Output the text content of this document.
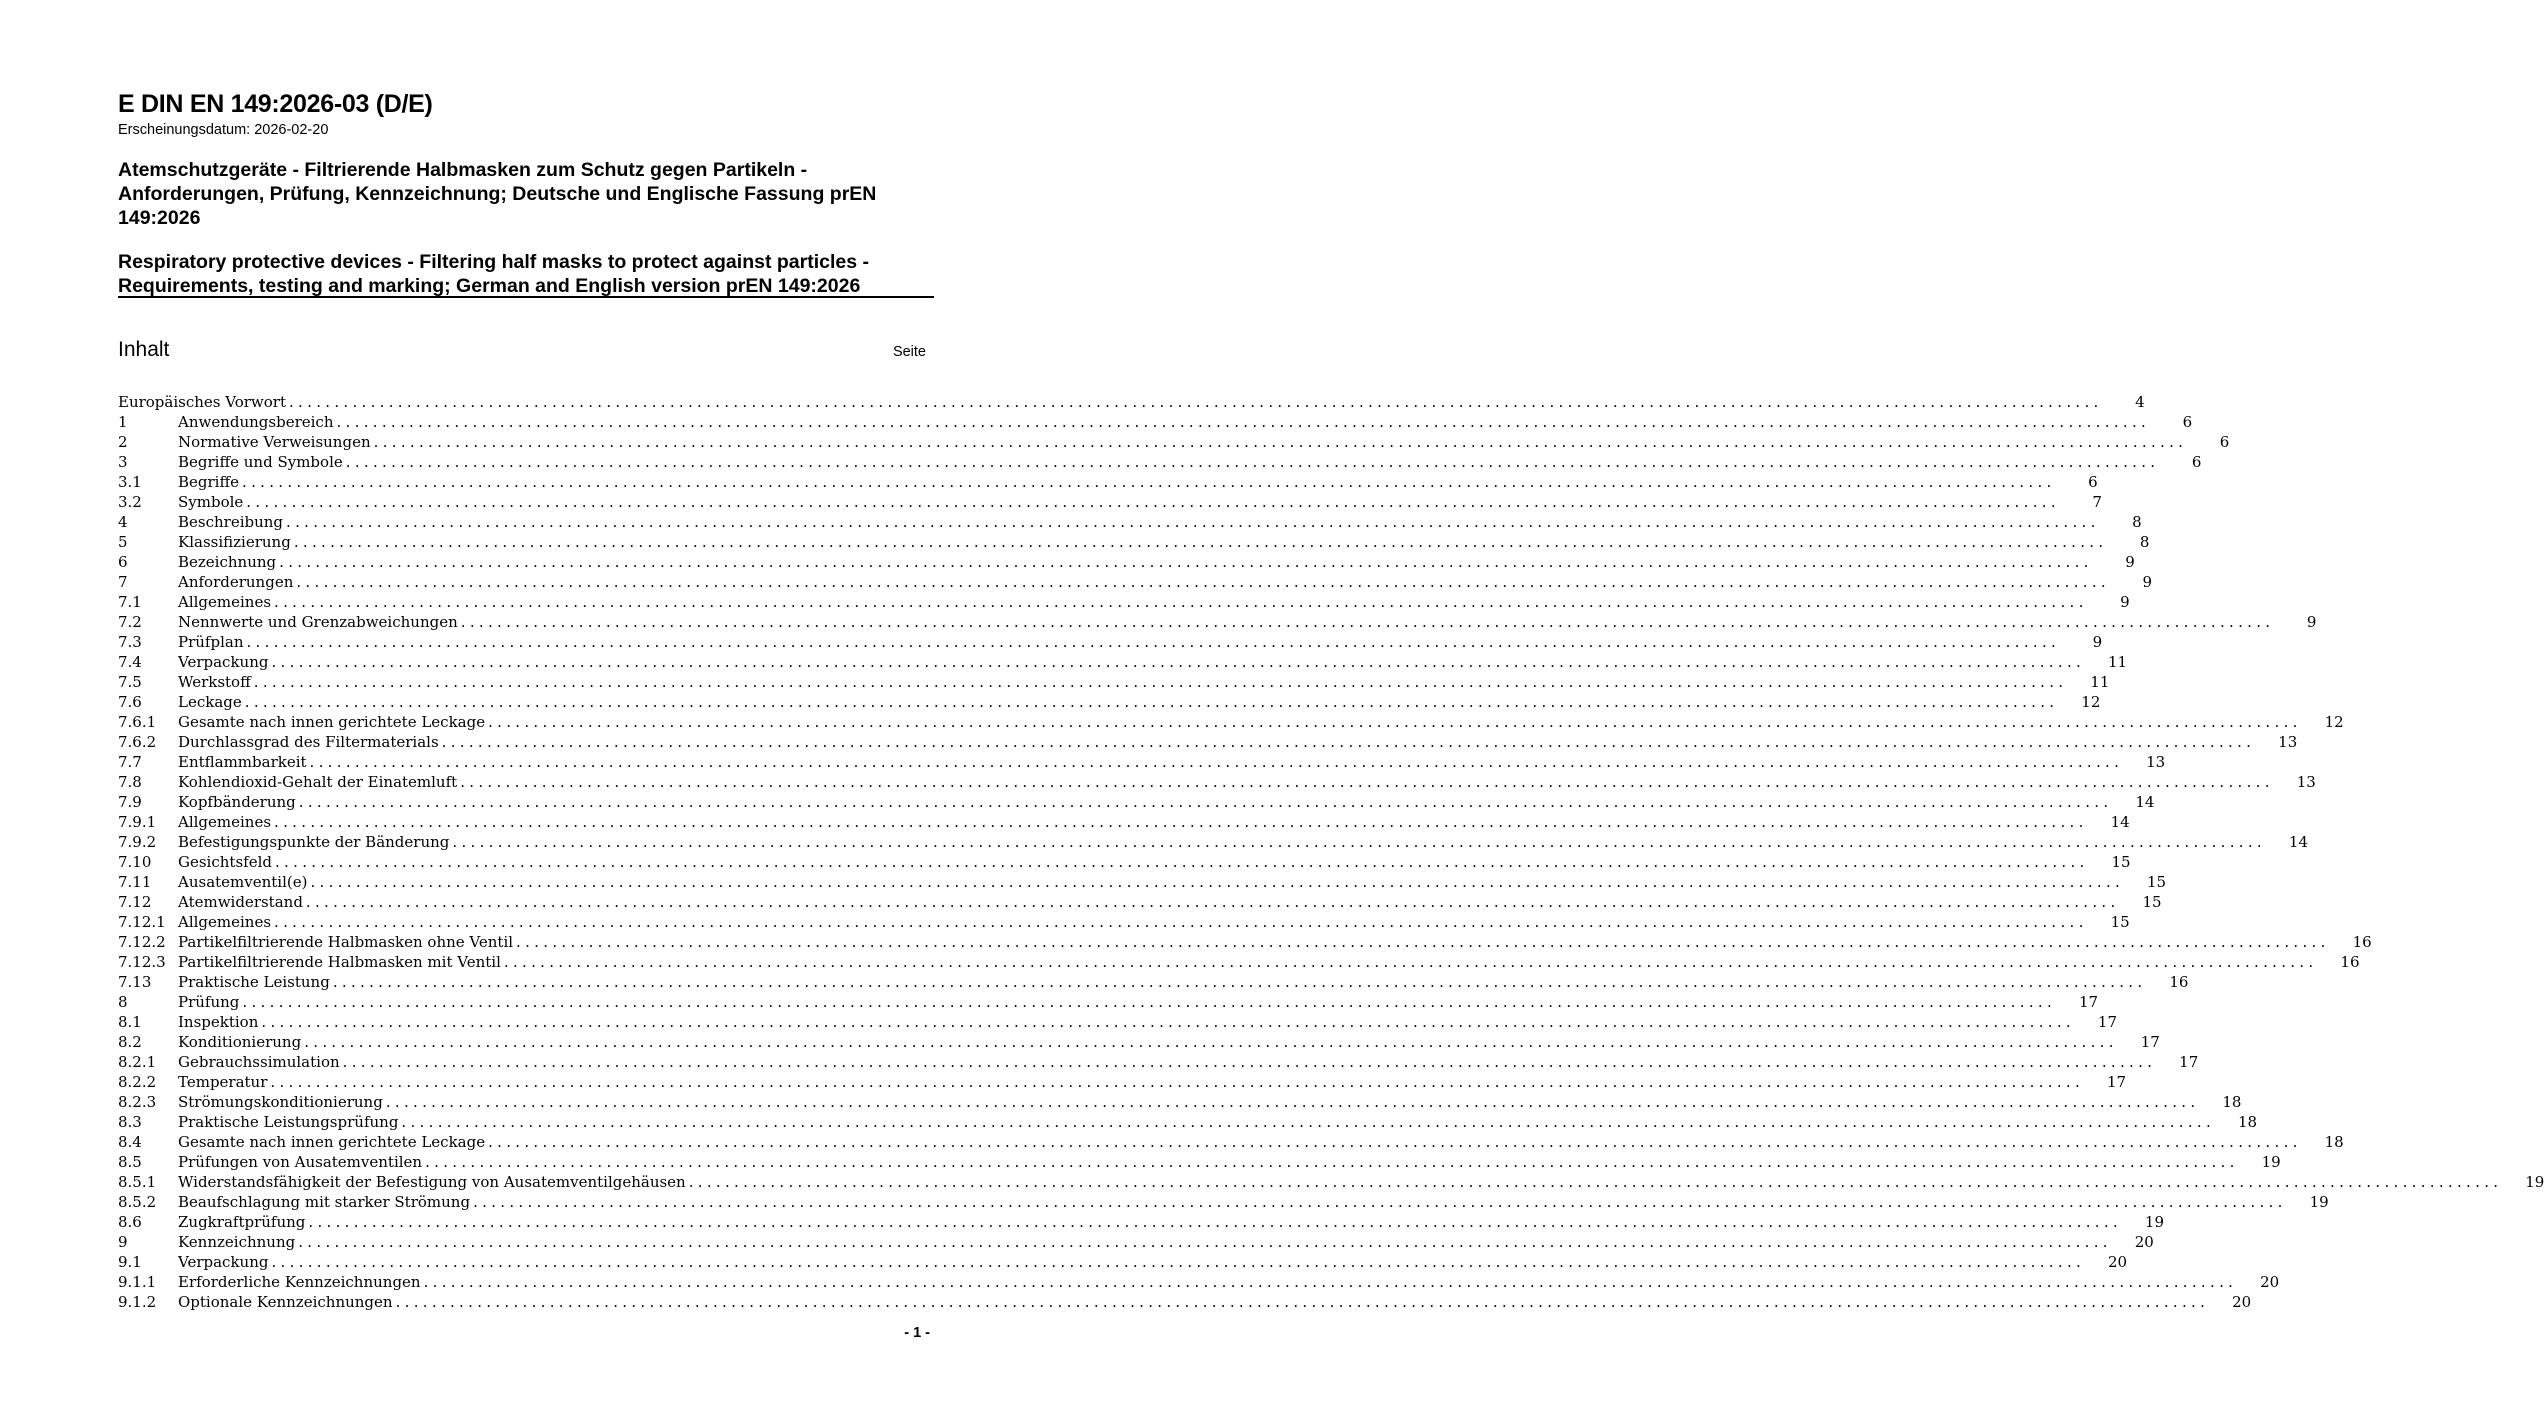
E DIN EN 149:2026-03 (D/E)
Erscheinungsdatum: 2026-02-20
Atemschutzgeräte - Filtrierende Halbmasken zum Schutz gegen Partikeln - Anforderungen, Prüfung, Kennzeichnung; Deutsche und Englische Fassung prEN 149:2026
Respiratory protective devices - Filtering half masks to protect against particles - Requirements, testing and marking; German and English version prEN 149:2026
Inhalt	Seite
Europäisches Vorwort ........................................................................................................................................................................................................	4
1	Anwendungsbereich ........................................................................................................................................................................................................	6
2	Normative Verweisungen ........................................................................................................................................................................................................	6
3	Begriffe und Symbole ........................................................................................................................................................................................................	6
3.1	Begriffe ........................................................................................................................................................................................................	6
3.2	Symbole ........................................................................................................................................................................................................	7
4	Beschreibung ........................................................................................................................................................................................................	8
5	Klassifizierung ........................................................................................................................................................................................................	8
6	Bezeichnung ........................................................................................................................................................................................................	9
7	Anforderungen ........................................................................................................................................................................................................	9
7.1	Allgemeines ........................................................................................................................................................................................................	9
7.2	Nennwerte und Grenzabweichungen ........................................................................................................................................................................................................	9
7.3	Prüfplan ........................................................................................................................................................................................................	9
7.4	Verpackung ........................................................................................................................................................................................................	11
7.5	Werkstoff ........................................................................................................................................................................................................	11
7.6	Leckage ........................................................................................................................................................................................................	12
7.6.1	Gesamte nach innen gerichtete Leckage ........................................................................................................................................................................................................	12
7.6.2	Durchlassgrad des Filtermaterials ........................................................................................................................................................................................................	13
7.7	Entflammbarkeit ........................................................................................................................................................................................................	13
7.8	Kohlendioxid-Gehalt der Einatemluft ........................................................................................................................................................................................................	13
7.9	Kopfbänderung ........................................................................................................................................................................................................	14
7.9.1	Allgemeines ........................................................................................................................................................................................................	14
7.9.2	Befestigungspunkte der Bänderung ........................................................................................................................................................................................................	14
7.10	Gesichtsfeld ........................................................................................................................................................................................................	15
7.11	Ausatemventil(e) ........................................................................................................................................................................................................	15
7.12	Atemwiderstand ........................................................................................................................................................................................................	15
7.12.1 Allgemeines ........................................................................................................................................................................................................	15
7.12.2 Partikelfiltrierende Halbmasken ohne Ventil ........................................................................................................................................................................................................	16
7.12.3 Partikelfiltrierende Halbmasken mit Ventil ........................................................................................................................................................................................................	16
7.13	Praktische Leistung ........................................................................................................................................................................................................	16
8	Prüfung ........................................................................................................................................................................................................	17
8.1	Inspektion ........................................................................................................................................................................................................	17
8.2	Konditionierung ........................................................................................................................................................................................................	17
8.2.1	Gebrauchssimulation ........................................................................................................................................................................................................	17
8.2.2	Temperatur ........................................................................................................................................................................................................	17
8.2.3	Strömungskonditionierung ........................................................................................................................................................................................................	18
8.3	Praktische Leistungsprüfung ........................................................................................................................................................................................................	18
8.4	Gesamte nach innen gerichtete Leckage ........................................................................................................................................................................................................	18
8.5	Prüfungen von Ausatemventilen ........................................................................................................................................................................................................	19
8.5.1	Widerstandsfähigkeit der Befestigung von Ausatemventilgehäusen ........................................................................................................................................................................................................	19
8.5.2	Beaufschlagung mit starker Strömung ........................................................................................................................................................................................................	19
8.6	Zugkraftprüfung ........................................................................................................................................................................................................	19
9	Kennzeichnung ........................................................................................................................................................................................................	20
9.1	Verpackung ........................................................................................................................................................................................................	20
9.1.1	Erforderliche Kennzeichnungen ........................................................................................................................................................................................................	20
9.1.2	Optionale Kennzeichnungen ........................................................................................................................................................................................................	20
- 1 -
